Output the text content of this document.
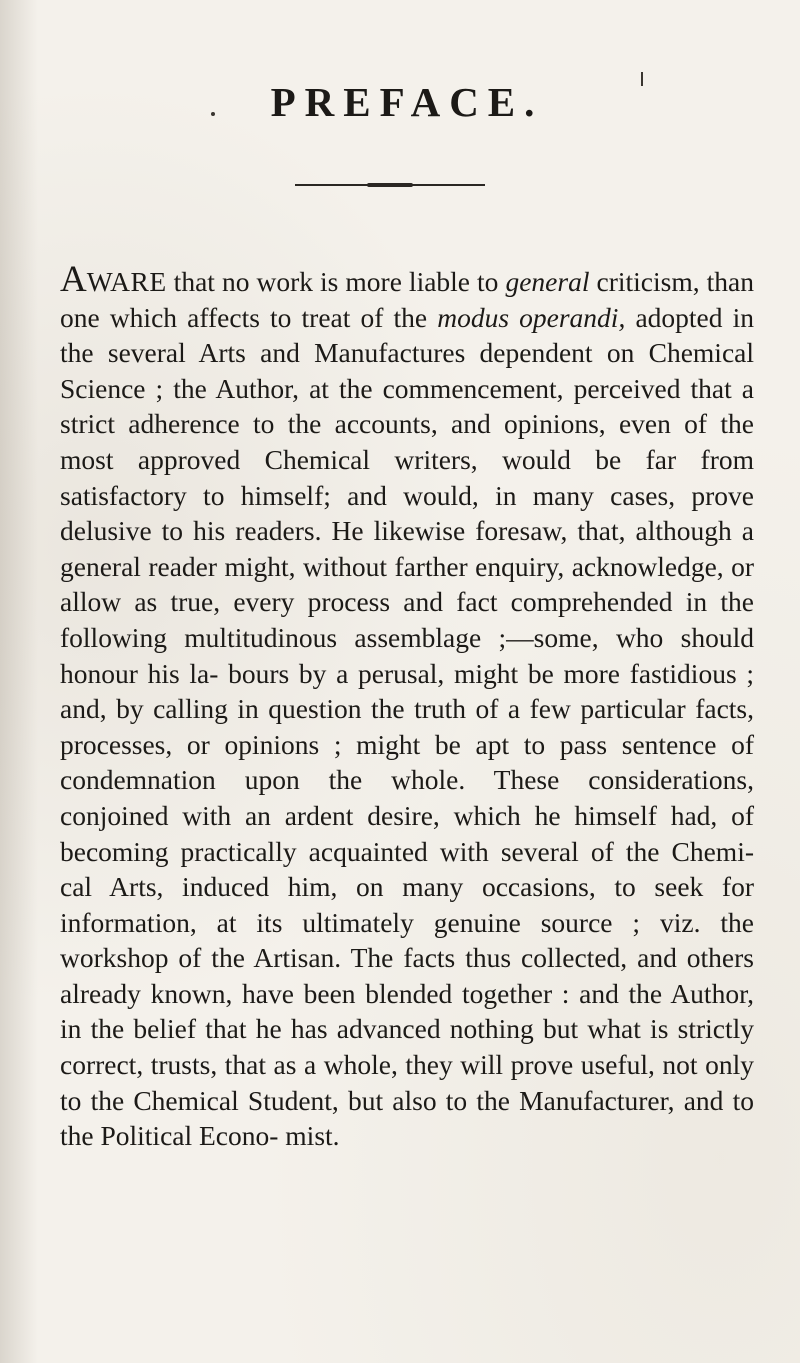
PREFACE.

AWARE that no work is more liable to general criticism, than one which affects to treat of the modus operandi, adopted in the several Arts and Manufactures dependent on Chemical Science ; the Author, at the commencement, perceived that a strict adherence to the accounts, and opinions, even of the most approved Chemical writers, would be far from satisfactory to himself; and would, in many cases, prove delusive to his readers. He likewise foresaw, that, although a general reader might, without farther enquiry, acknowledge, or allow as true, every process and fact comprehended in the following multitudinous assemblage ;—some, who should honour his la- bours by a perusal, might be more fastidious ; and, by calling in question the truth of a few particular facts, processes, or opinions ; might be apt to pass sentence of condemnation upon the whole. These considerations, conjoined with an ardent desire, which he himself had, of becoming practically acquainted with several of the Chemi- cal Arts, induced him, on many occasions, to seek for information, at its ultimately genuine source ; viz. the workshop of the Artisan. The facts thus collected, and others already known, have been blended together : and the Author, in the belief that he has advanced nothing but what is strictly correct, trusts, that as a whole, they will prove useful, not only to the Chemical Student, but also to the Manufacturer, and to the Political Econo- mist.
